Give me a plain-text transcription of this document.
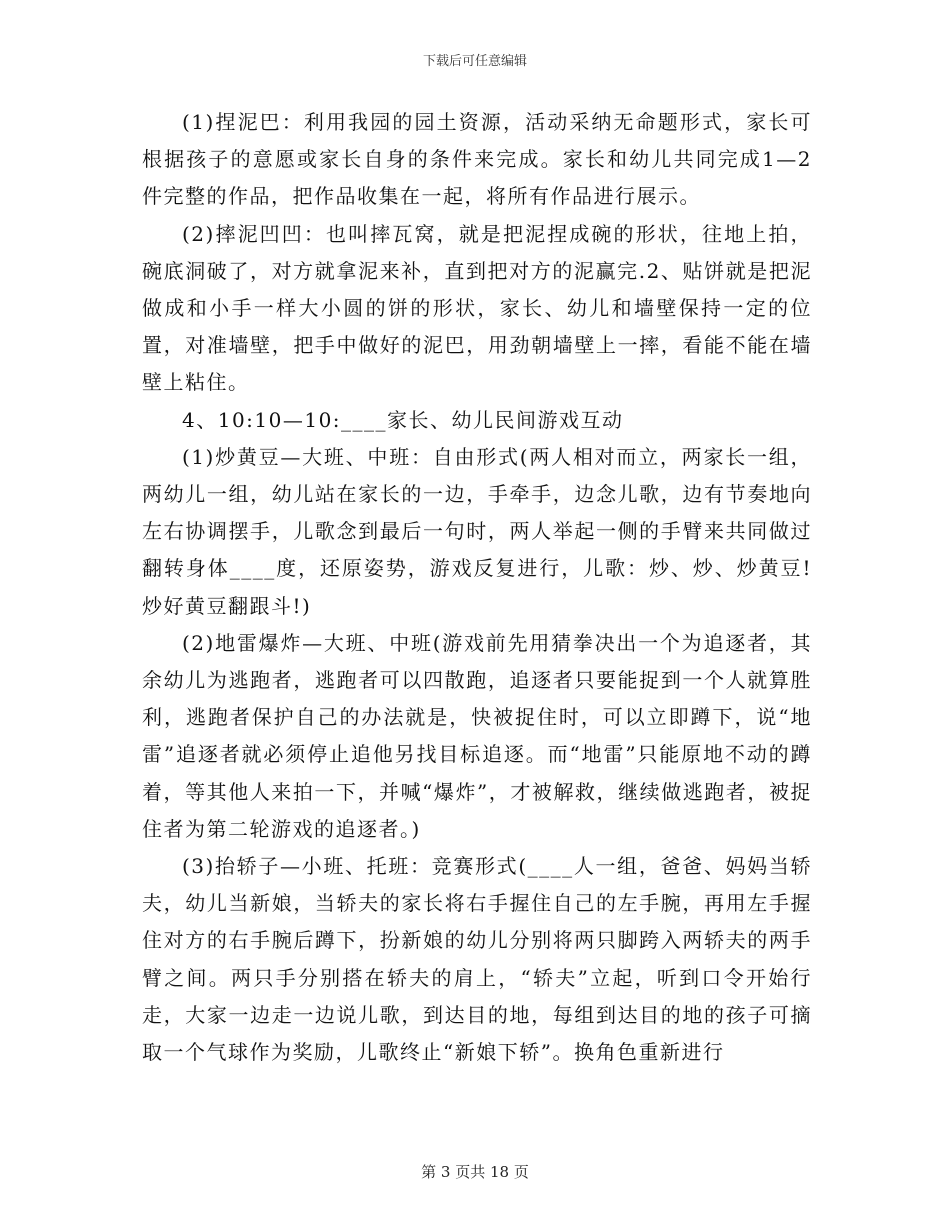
下载后可任意编辑

(1)捏泥巴：利用我园的园土资源，活动采纳无命题形式，家长可根据孩子的意愿或家长自身的条件来完成。家长和幼儿共同完成1—2件完整的作品，把作品收集在一起，将所有作品进行展示。

(2)摔泥凹凹：也叫摔瓦窝，就是把泥捏成碗的形状，往地上拍，碗底洞破了，对方就拿泥来补，直到把对方的泥赢完.2、贴饼就是把泥做成和小手一样大小圆的饼的形状，家长、幼儿和墙壁保持一定的位置，对准墙壁，把手中做好的泥巴，用劲朝墙壁上一摔，看能不能在墙壁上粘住。

4、10:10—10:____家长、幼儿民间游戏互动

(1)炒黄豆—大班、中班：自由形式(两人相对而立，两家长一组，两幼儿一组，幼儿站在家长的一边，手牵手，边念儿歌，边有节奏地向左右协调摆手，儿歌念到最后一句时，两人举起一侧的手臂来共同做过翻转身体____度，还原姿势，游戏反复进行，儿歌：炒、炒、炒黄豆!炒好黄豆翻跟斗!)

(2)地雷爆炸—大班、中班(游戏前先用猜拳决出一个为追逐者，其余幼儿为逃跑者，逃跑者可以四散跑，追逐者只要能捉到一个人就算胜利，逃跑者保护自己的办法就是，快被捉住时，可以立即蹲下，说“地雷”追逐者就必须停止追他另找目标追逐。而“地雷”只能原地不动的蹲着，等其他人来拍一下，并喊“爆炸”，才被解救，继续做逃跑者，被捉住者为第二轮游戏的追逐者。)

(3)抬轿子—小班、托班：竞赛形式(____人一组，爸爸、妈妈当轿夫，幼儿当新娘，当轿夫的家长将右手握住自己的左手腕，再用左手握住对方的右手腕后蹲下，扮新娘的幼儿分别将两只脚跨入两轿夫的两手臂之间。两只手分别搭在轿夫的肩上，“轿夫”立起，听到口令开始行走，大家一边走一边说儿歌，到达目的地，每组到达目的地的孩子可摘取一个气球作为奖励，儿歌终止“新娘下轿”。换角色重新进行

第 3 页共 18 页
